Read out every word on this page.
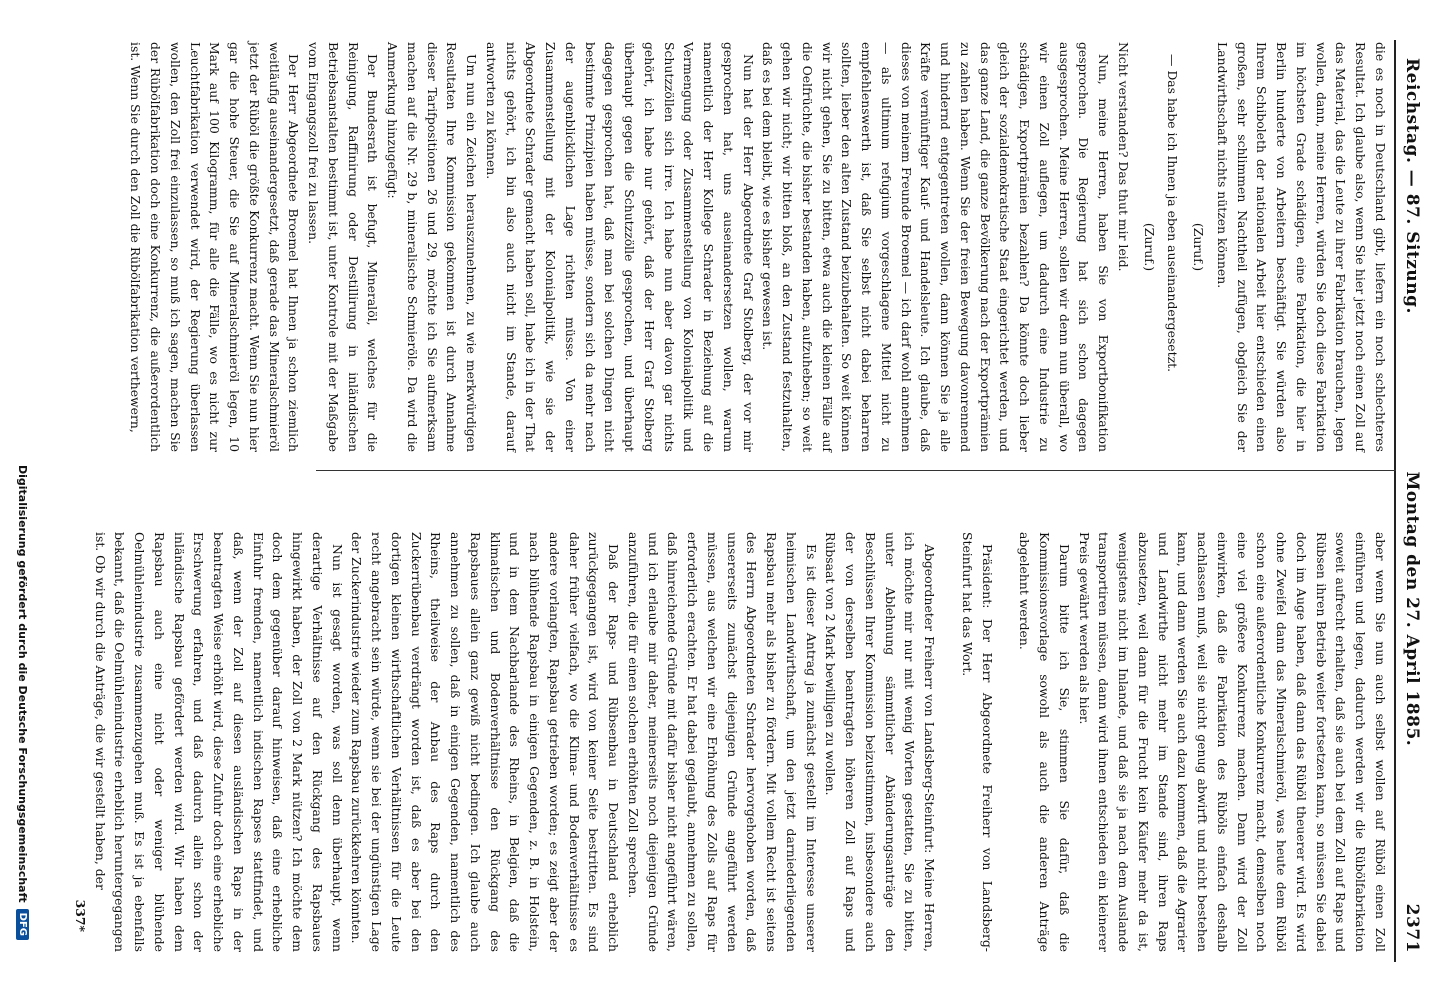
Reichstag. — 87. Sitzung.
Montag den 27. April 1885.
2371

die es noch in Deutschland gibt, liefern ein noch schlechteres Resultat. Ich glaube also, wenn Sie hier jetzt noch einen Zoll auf das Material, das die Leute zu ihrer Fabrikation brauchen, legen wollen, dann, meine Herren, würden Sie doch diese Fabrikation im höchsten Grade schädigen, eine Fabrikation, die hier in Berlin hunderte von Arbeitern beschäftigt. Sie würden also Ihrem Schiboleth der nationalen Arbeit hier entschieden einen großen, sehr schlimmen Nachtheil zufügen, obgleich Sie der Landwirthschaft nichts nützen können.

(Zuruf.)

— Das habe ich Ihnen ja eben auseinandergesetzt.

(Zuruf.)

Nicht verstanden? Das thut mir leid.

Nun, meine Herren, haben Sie von Exportbonifikation gesprochen. Die Regierung hat sich schon dagegen ausgesprochen. Meine Herren, sollen wir denn nun überall, wo wir einen Zoll auflegen, um dadurch eine Industrie zu schädigen, Exportprämien bezahlen? Da könnte doch lieber gleich der sozialdemokratische Staat eingerichtet werden, und das ganze Land, die ganze Bevölkerung nach der Exportprämien zu zahlen haben. Wenn Sie der freien Bewegung davonrennend und hindernd entgegentreten wollen, dann können Sie ja alle Kräfte vernünftiger Kauf- und Handelsleute. Ich glaube, daß dieses von meinem Freunde Broemel — ich darf wohl annehmen — als ultimum refugium vorgeschlagene Mittel nicht zu empfehlenswerth ist, daß Sie selbst nicht dabei beharren sollten, lieber den alten Zustand beizubehalten. So weit können wir nicht gehen, Sie zu bitten, etwa auch die kleinen Fälle auf die Oelfrüchte, die bisher bestanden haben, aufzuheben; so weit gehen wir nicht; wir bitten bloß, an den Zustand festzuhalten, daß es bei dem bleibt, wie es bisher gewesen ist.

Nun hat der Herr Abgeordnete Graf Stolberg, der vor mir gesprochen hat, uns auseinandersetzen wollen, warum namentlich der Herr Kollege Schrader in Beziehung auf die Vermengung oder Zusammenstellung von Kolonialpolitik und Schutzzöllen sich irre. Ich habe nun aber davon gar nichts gehört, ich habe nur gehört, daß der Herr Graf Stolberg überhaupt gegen die Schutzzölle gesprochen, und überhaupt dagegen gesprochen hat, daß man bei solchen Dingen nicht bestimmte Prinzipien haben müsse, sondern sich da mehr nach der augenblicklichen Lage richten müsse. Von einer Zusammenstellung mit der Kolonialpolitik, wie sie der Abgeordnete Schrader gemacht haben soll, habe ich in der That nichts gehört, ich bin also auch nicht im Stande, darauf antworten zu können.

Um nun ein Zeichen herauszunehmen, zu wie merkwürdigen Resultaten Ihre Kommission gekommen ist durch Annahme dieser Tarifpositionen 26 und 29, möchte ich Sie aufmerksam machen auf die Nr. 29 b, mineralische Schmieröle. Da wird die Anmerkung hinzugefügt:

Der Bundesrath ist befugt, Mineralöl, welches für die Reinigung, Raffinirung oder Destillirung in inländischen Betriebsanstalten bestimmt ist, unter Kontrole mit der Maßgabe vom Eingangszoll frei zu lassen.

Der Herr Abgeordnete Broemel hat Ihnen ja schon ziemlich weitläufig auseinandergesetzt, daß gerade das Mineralschmieröl jetzt der Rüböl die größte Konkurrenz macht. Wenn Sie nun hier gar die hohe Steuer, die Sie auf Mineralschmieröl legen, 10 Mark auf 100 Kilogramm, für alle die Fälle, wo es nicht zur Leuchtfabrikation verwendet wird, der Regierung überlassen wollen, den Zoll frei einzulassen, so muß ich sagen, machen Sie der Rübölfabrikation doch eine Konkurrenz, die außerordentlich ist. Wenn Sie durch den Zoll die Rübölfabrikation verthewern,

aber wenn Sie nun auch selbst wollen auf Rüböl einen Zoll einführen und legen, dadurch werden wir die Rübölfabrikation soweit aufrecht erhalten, daß sie auch bei dem Zoll auf Raps und Rübsen ihren Betrieb weiter fortsetzen kann, so müssen Sie dabei doch im Auge haben, daß dann das Rüböl theuerer wird. Es wird ohne Zweifel dann das Mineralschmieröl, was heute dem Rüböl schon eine außerordentliche Konkurrenz macht, demselben noch eine viel größere Konkurrenz machen. Dann wird der Zoll einwirken, daß die Fabrikation des Rüböls einfach deshalb nachlassen muß, weil sie nicht genug abwirft und nicht bestehen kann, und dann werden Sie auch dazu kommen, daß die Agrarier und Landwirthe nicht mehr im Stande sind, ihren Raps abzusetzen, weil dann für die Frucht kein Käufer mehr da ist, wenigstens nicht im Inlande, und daß sie ja nach dem Auslande transportiren müssen, dann wird ihnen entschieden ein kleinerer Preis gewährt werden als hier.

Darum bitte ich Sie, stimmen Sie dafür, daß die Kommissionsvorlage sowohl als auch die anderen Anträge abgelehnt werden.

Präsident: Der Herr Abgeordnete Freiherr von Landsberg-Steinfurt hat das Wort.

Abgeordneter Freiherr von Landsberg-Steinfurt: Meine Herren, ich möchte mir nur mit wenig Worten gestatten, Sie zu bitten, unter Ablehnung sämmtlicher Abänderungsanträge den Beschlüssen Ihrer Kommission beizustimmen, insbesondere auch der von derselben beantragten höheren Zoll auf Raps und Rübsaat von 2 Mark bewilligen zu wollen.

Es ist dieser Antrag ja zunächst gestellt im Interesse unserer heimischen Landwirthschaft, um den jetzt darniederliegenden Rapsbau mehr als bisher zu fördern. Mit vollem Recht ist seitens des Herrn Abgeordneten Schrader hervorgehoben worden, daß unsererseits zunächst diejenigen Gründe angeführt werden müssen, aus welchen wir eine Erhöhung des Zolls auf Raps für erforderlich erachten. Er hat dabei geglaubt, annehmen zu sollen, daß hinreichende Gründe mit dafür bisher nicht angeführt wären, und ich erlaube mir daher, meinerseits noch diejenigen Gründe anzuführen, die für einen solchen erhöhten Zoll sprechen.

Daß der Raps- und Rübsenbau in Deutschland erheblich zurückgegangen ist, wird von keiner Seite bestritten. Es sind daher früher vielfach, wo die Klima- und Bodenverhältnisse es andere vorlangten, Rapsbau getrieben worden; es zeigt aber der nach blühende Rapsbau in einigen Gegenden, z. B. in Holstein, und in dem Nachbarlande des Rheins, in Belgien, daß die klimatischen und Bodenverhältnisse den Rückgang des Rapsbaues allein ganz gewiß nicht bedingen. Ich glaube auch annehmen zu sollen, daß in einigen Gegenden, namentlich des Rheins, theilweise der Anbau des Raps durch den Zuckerrübenbau verdrängt worden ist, daß es aber bei den dortigen kleinen wirthschaftlichen Verhältnissen für die Leute recht angebracht sein würde, wenn sie bei der ungünstigen Lage der Zuckerindustrie wieder zum Rapsbau zurückkehren könnten.

Nun ist gesagt worden, was soll denn überhaupt, wenn derartige Verhältnisse auf den Rückgang des Rapsbaues hingewirkt haben, der Zoll von 2 Mark nützen? Ich möchte dem doch dem gegenüber darauf hinweisen, daß eine erhebliche Einfuhr fremden, namentlich indischen Rapses stattfindet, und daß, wenn der Zoll auf diesen ausländischen Raps in der beantragten Weise erhöht wird, diese Zufuhr doch eine erhebliche Erschwerung erfahren, und daß dadurch allein schon der inländische Rapsbau gefördert werden wird. Wir haben dem Rapsbau auch eine nicht oder weniger blühende Oelmühlenindustrie zusammenzugehen muß. Es ist ja ebenfalls bekannt, daß die Oelmühlenindustrie erheblich heruntergegangen ist. Ob wir durch die Anträge, die wir gestellt haben, der

337*
Digitalisierung gefördert durch die Deutsche Forschungsgemeinschaft
DFG
